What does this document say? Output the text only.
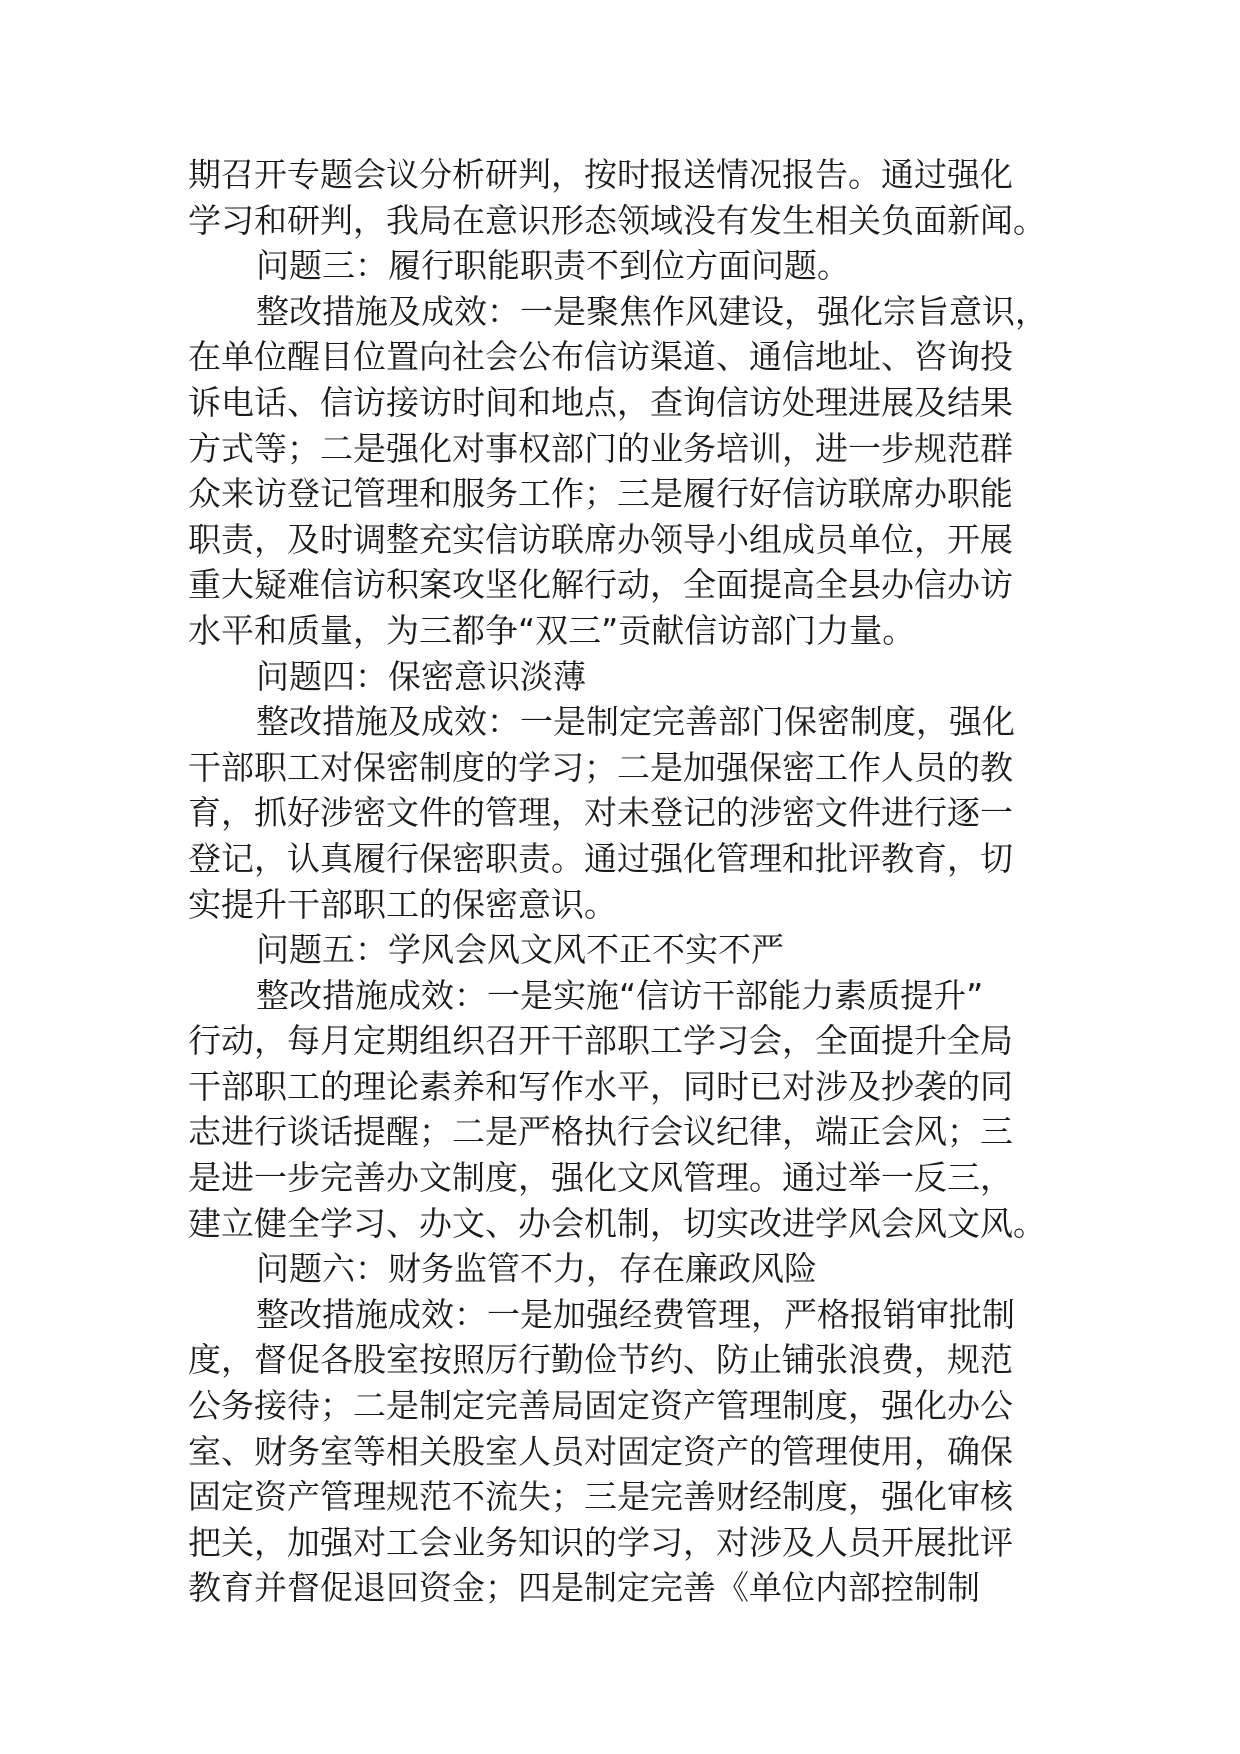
期召开专题会议分析研判，按时报送情况报告。通过强化
学习和研判，我局在意识形态领域没有发生相关负面新闻。
问题三：履行职能职责不到位方面问题。
整改措施及成效：一是聚焦作风建设，强化宗旨意识，
在单位醒目位置向社会公布信访渠道、通信地址、咨询投
诉电话、信访接访时间和地点，查询信访处理进展及结果
方式等；二是强化对事权部门的业务培训，进一步规范群
众来访登记管理和服务工作；三是履行好信访联席办职能
职责，及时调整充实信访联席办领导小组成员单位，开展
重大疑难信访积案攻坚化解行动，全面提高全县办信办访
水平和质量，为三都争“双三”贡献信访部门力量。
问题四：保密意识淡薄
整改措施及成效：一是制定完善部门保密制度，强化
干部职工对保密制度的学习；二是加强保密工作人员的教
育，抓好涉密文件的管理，对未登记的涉密文件进行逐一
登记，认真履行保密职责。通过强化管理和批评教育，切
实提升干部职工的保密意识。
问题五：学风会风文风不正不实不严
整改措施成效：一是实施“信访干部能力素质提升”
行动，每月定期组织召开干部职工学习会，全面提升全局
干部职工的理论素养和写作水平，同时已对涉及抄袭的同
志进行谈话提醒；二是严格执行会议纪律，端正会风；三
是进一步完善办文制度，强化文风管理。通过举一反三，
建立健全学习、办文、办会机制，切实改进学风会风文风。
问题六：财务监管不力，存在廉政风险
整改措施成效：一是加强经费管理，严格报销审批制
度，督促各股室按照厉行勤俭节约、防止铺张浪费，规范
公务接待；二是制定完善局固定资产管理制度，强化办公
室、财务室等相关股室人员对固定资产的管理使用，确保
固定资产管理规范不流失；三是完善财经制度，强化审核
把关，加强对工会业务知识的学习，对涉及人员开展批评
教育并督促退回资金；四是制定完善《单位内部控制制
